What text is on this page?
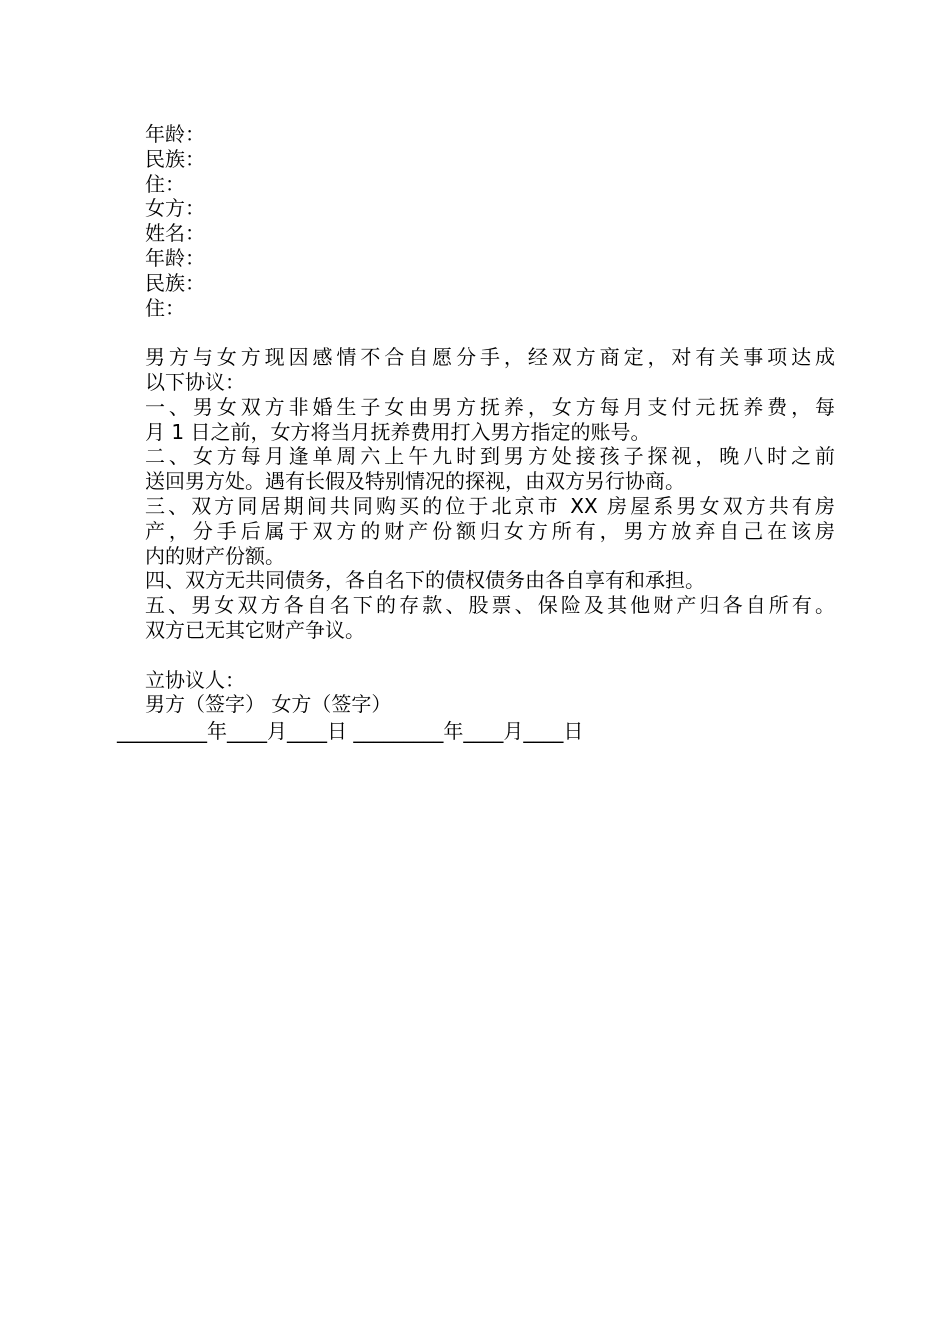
年龄：
民族：
住：
女方：
姓名：
年龄：
民族：
住：
男方与女方现因感情不合自愿分手，经双方商定，对有关事项达成
以下协议：
一、男女双方非婚生子女由男方抚养，女方每月支付元抚养费，每
月 1 日之前，女方将当月抚养费用打入男方指定的账号。
二、女方每月逢单周六上午九时到男方处接孩子探视，晚八时之前
送回男方处。遇有长假及特别情况的探视，由双方另行协商。
三、双方同居期间共同购买的位于北京市 XX 房屋系男女双方共有房
产，分手后属于双方的财产份额归女方所有，男方放弃自己在该房
内的财产份额。
四、双方无共同债务，各自名下的债权债务由各自享有和承担。
五、男女双方各自名下的存款、股票、保险及其他财产归各自所有。
双方已无其它财产争议。
立协议人：
男方（签字） 女方（签字）
_________年____月____日 _________年____月____日
